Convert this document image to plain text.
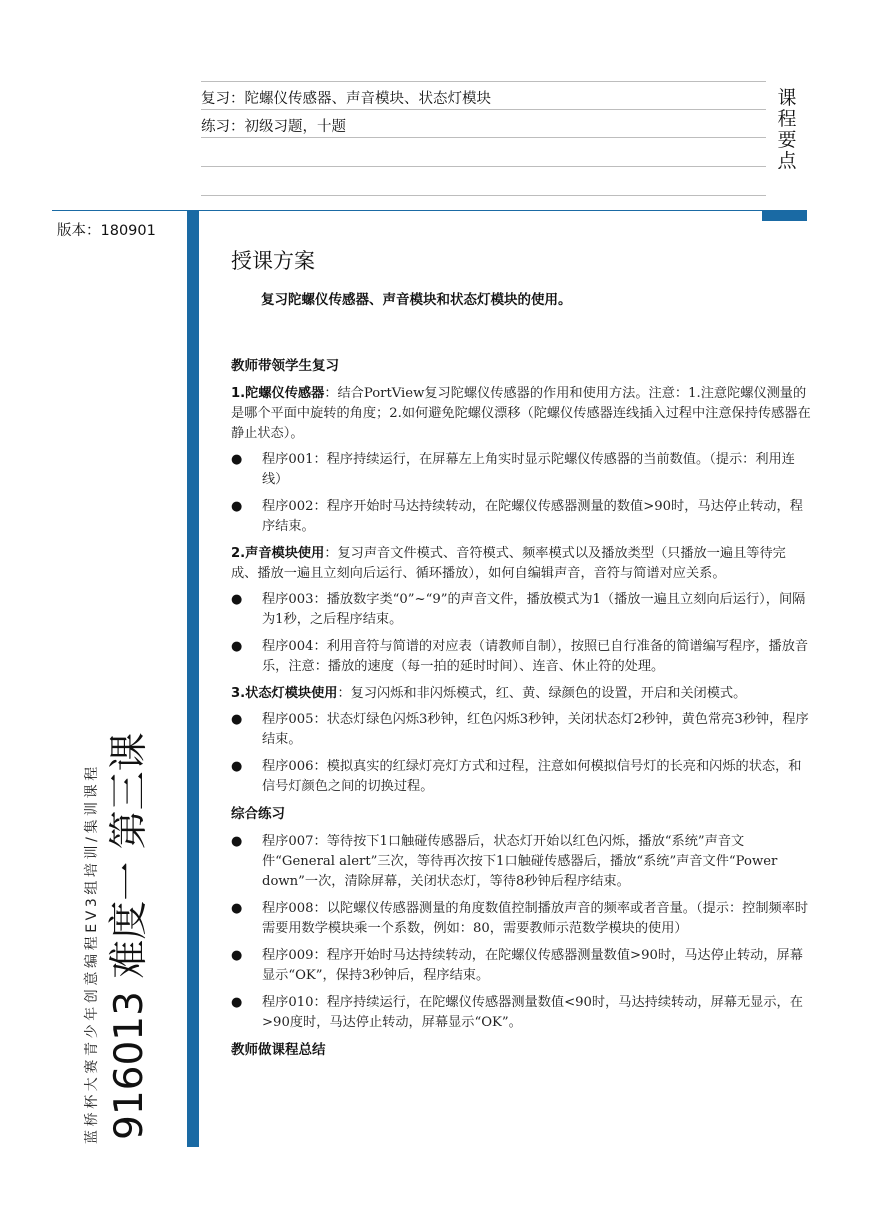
复习：陀螺仪传感器、声音模块、状态灯模块
练习：初级习题，十题
课程要点
版本：180901
蓝桥杯大赛青少年创意编程EV3组培训/集训课程 916013 难度一 第三课
授课方案

复习陀螺仪传感器、声音模块和状态灯模块的使用。

教师带领学生复习

1.陀螺仪传感器：结合PortView复习陀螺仪传感器的作用和使用方法。注意：1.注意陀螺仪测量的是哪个平面中旋转的角度；2.如何避免陀螺仪漂移（陀螺仪传感器连线插入过程中注意保持传感器在静止状态）。

● 程序001：程序持续运行，在屏幕左上角实时显示陀螺仪传感器的当前数值。（提示：利用连线）
● 程序002：程序开始时马达持续转动，在陀螺仪传感器测量的数值>90时，马达停止转动，程序结束。

2.声音模块使用：复习声音文件模式、音符模式、频率模式以及播放类型（只播放一遍且等待完成、播放一遍且立刻向后运行、循环播放），如何自编辑声音，音符与简谱对应关系。

● 程序003：播放数字类“0”~“9”的声音文件，播放模式为1（播放一遍且立刻向后运行），间隔为1秒，之后程序结束。
● 程序004：利用音符与简谱的对应表（请教师自制），按照已自行准备的简谱编写程序，播放音乐，注意：播放的速度（每一拍的延时时间）、连音、休止符的处理。

3.状态灯模块使用：复习闪烁和非闪烁模式，红、黄、绿颜色的设置，开启和关闭模式。

● 程序005：状态灯绿色闪烁3秒钟，红色闪烁3秒钟，关闭状态灯2秒钟，黄色常亮3秒钟，程序结束。
● 程序006：模拟真实的红绿灯亮灯方式和过程，注意如何模拟信号灯的长亮和闪烁的状态，和信号灯颜色之间的切换过程。

综合练习

● 程序007：等待按下1口触碰传感器后，状态灯开始以红色闪烁，播放“系统”声音文件“General alert”三次，等待再次按下1口触碰传感器后，播放“系统”声音文件“Power down”一次，清除屏幕，关闭状态灯，等待8秒钟后程序结束。
● 程序008：以陀螺仪传感器测量的角度数值控制播放声音的频率或者音量。（提示：控制频率时需要用数学模块乘一个系数，例如：80，需要教师示范数学模块的使用）
● 程序009：程序开始时马达持续转动，在陀螺仪传感器测量数值>90时，马达停止转动，屏幕显示“OK”，保持3秒钟后，程序结束。
● 程序010：程序持续运行，在陀螺仪传感器测量数值<90时，马达持续转动，屏幕无显示，在>90度时，马达停止转动，屏幕显示“OK”。

教师做课程总结
